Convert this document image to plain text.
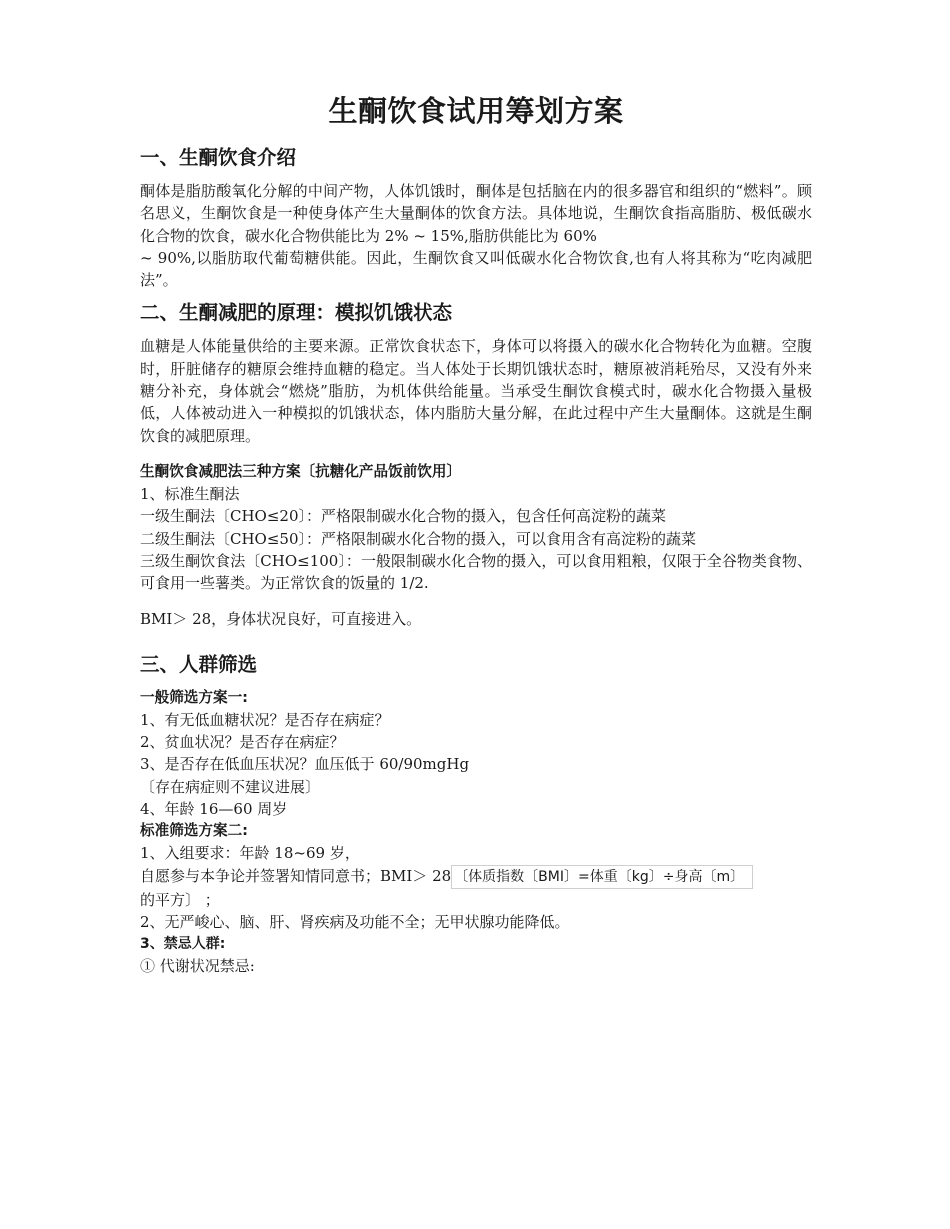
生酮饮食试用筹划方案
一、生酮饮食介绍

酮体是脂肪酸氧化分解的中间产物，人体饥饿时，酮体是包括脑在内的很多器官和组织的“燃料”。顾名思义，生酮饮食是一种使身体产生大量酮体的饮食方法。具体地说，生酮饮食指高脂肪、极低碳水化合物的饮食，碳水化合物供能比为 2% ~ 15%,脂肪供能比为 60%

~ 90%,以脂肪取代葡萄糖供能。因此，生酮饮食又叫低碳水化合物饮食,也有人将其称为“吃肉减肥法”。

二、生酮减肥的原理：模拟饥饿状态

血糖是人体能量供给的主要来源。正常饮食状态下，身体可以将摄入的碳水化合物转化为血糖。空腹时，肝脏储存的糖原会维持血糖的稳定。当人体处于长期饥饿状态时，糖原被消耗殆尽，又没有外来糖分补充，身体就会“燃烧”脂肪，为机体供给能量。当承受生酮饮食模式时，碳水化合物摄入量极低，人体被动进入一种模拟的饥饿状态，体内脂肪大量分解，在此过程中产生大量酮体。这就是生酮饮食的减肥原理。

生酮饮食减肥法三种方案〔抗糖化产品饭前饮用〕

1、标准生酮法

一级生酮法〔CHO≤20〕：严格限制碳水化合物的摄入，包含任何高淀粉的蔬菜

二级生酮法〔CHO≤50〕：严格限制碳水化合物的摄入，可以食用含有高淀粉的蔬菜

三级生酮饮食法〔CHO≤100〕：一般限制碳水化合物的摄入，可以食用粗粮，仅限于全谷物类食物、可食用一些薯类。为正常饮食的饭量的 1/2.

BMI＞ 28，身体状况良好，可直接进入。

三、人群筛选

一般筛选方案一:

1、有无低血糖状况？是否存在病症？

2、贫血状况？是否存在病症？

3、是否存在低血压状况？血压低于 60/90mgHg

〔存在病症则不建议进展〕

4、年龄 16—60 周岁

标准筛选方案二:

1、入组要求：年龄 18~69 岁，

自愿参与本争论并签署知情同意书；BMI＞ 28 〔体质指数〔BMI〕=体重〔kg〕÷身高〔m〕

的平方〕 ；

2、无严峻心、脑、肝、肾疾病及功能不全；无甲状腺功能降低。

3、禁忌人群:

① 代谢状况禁忌:
